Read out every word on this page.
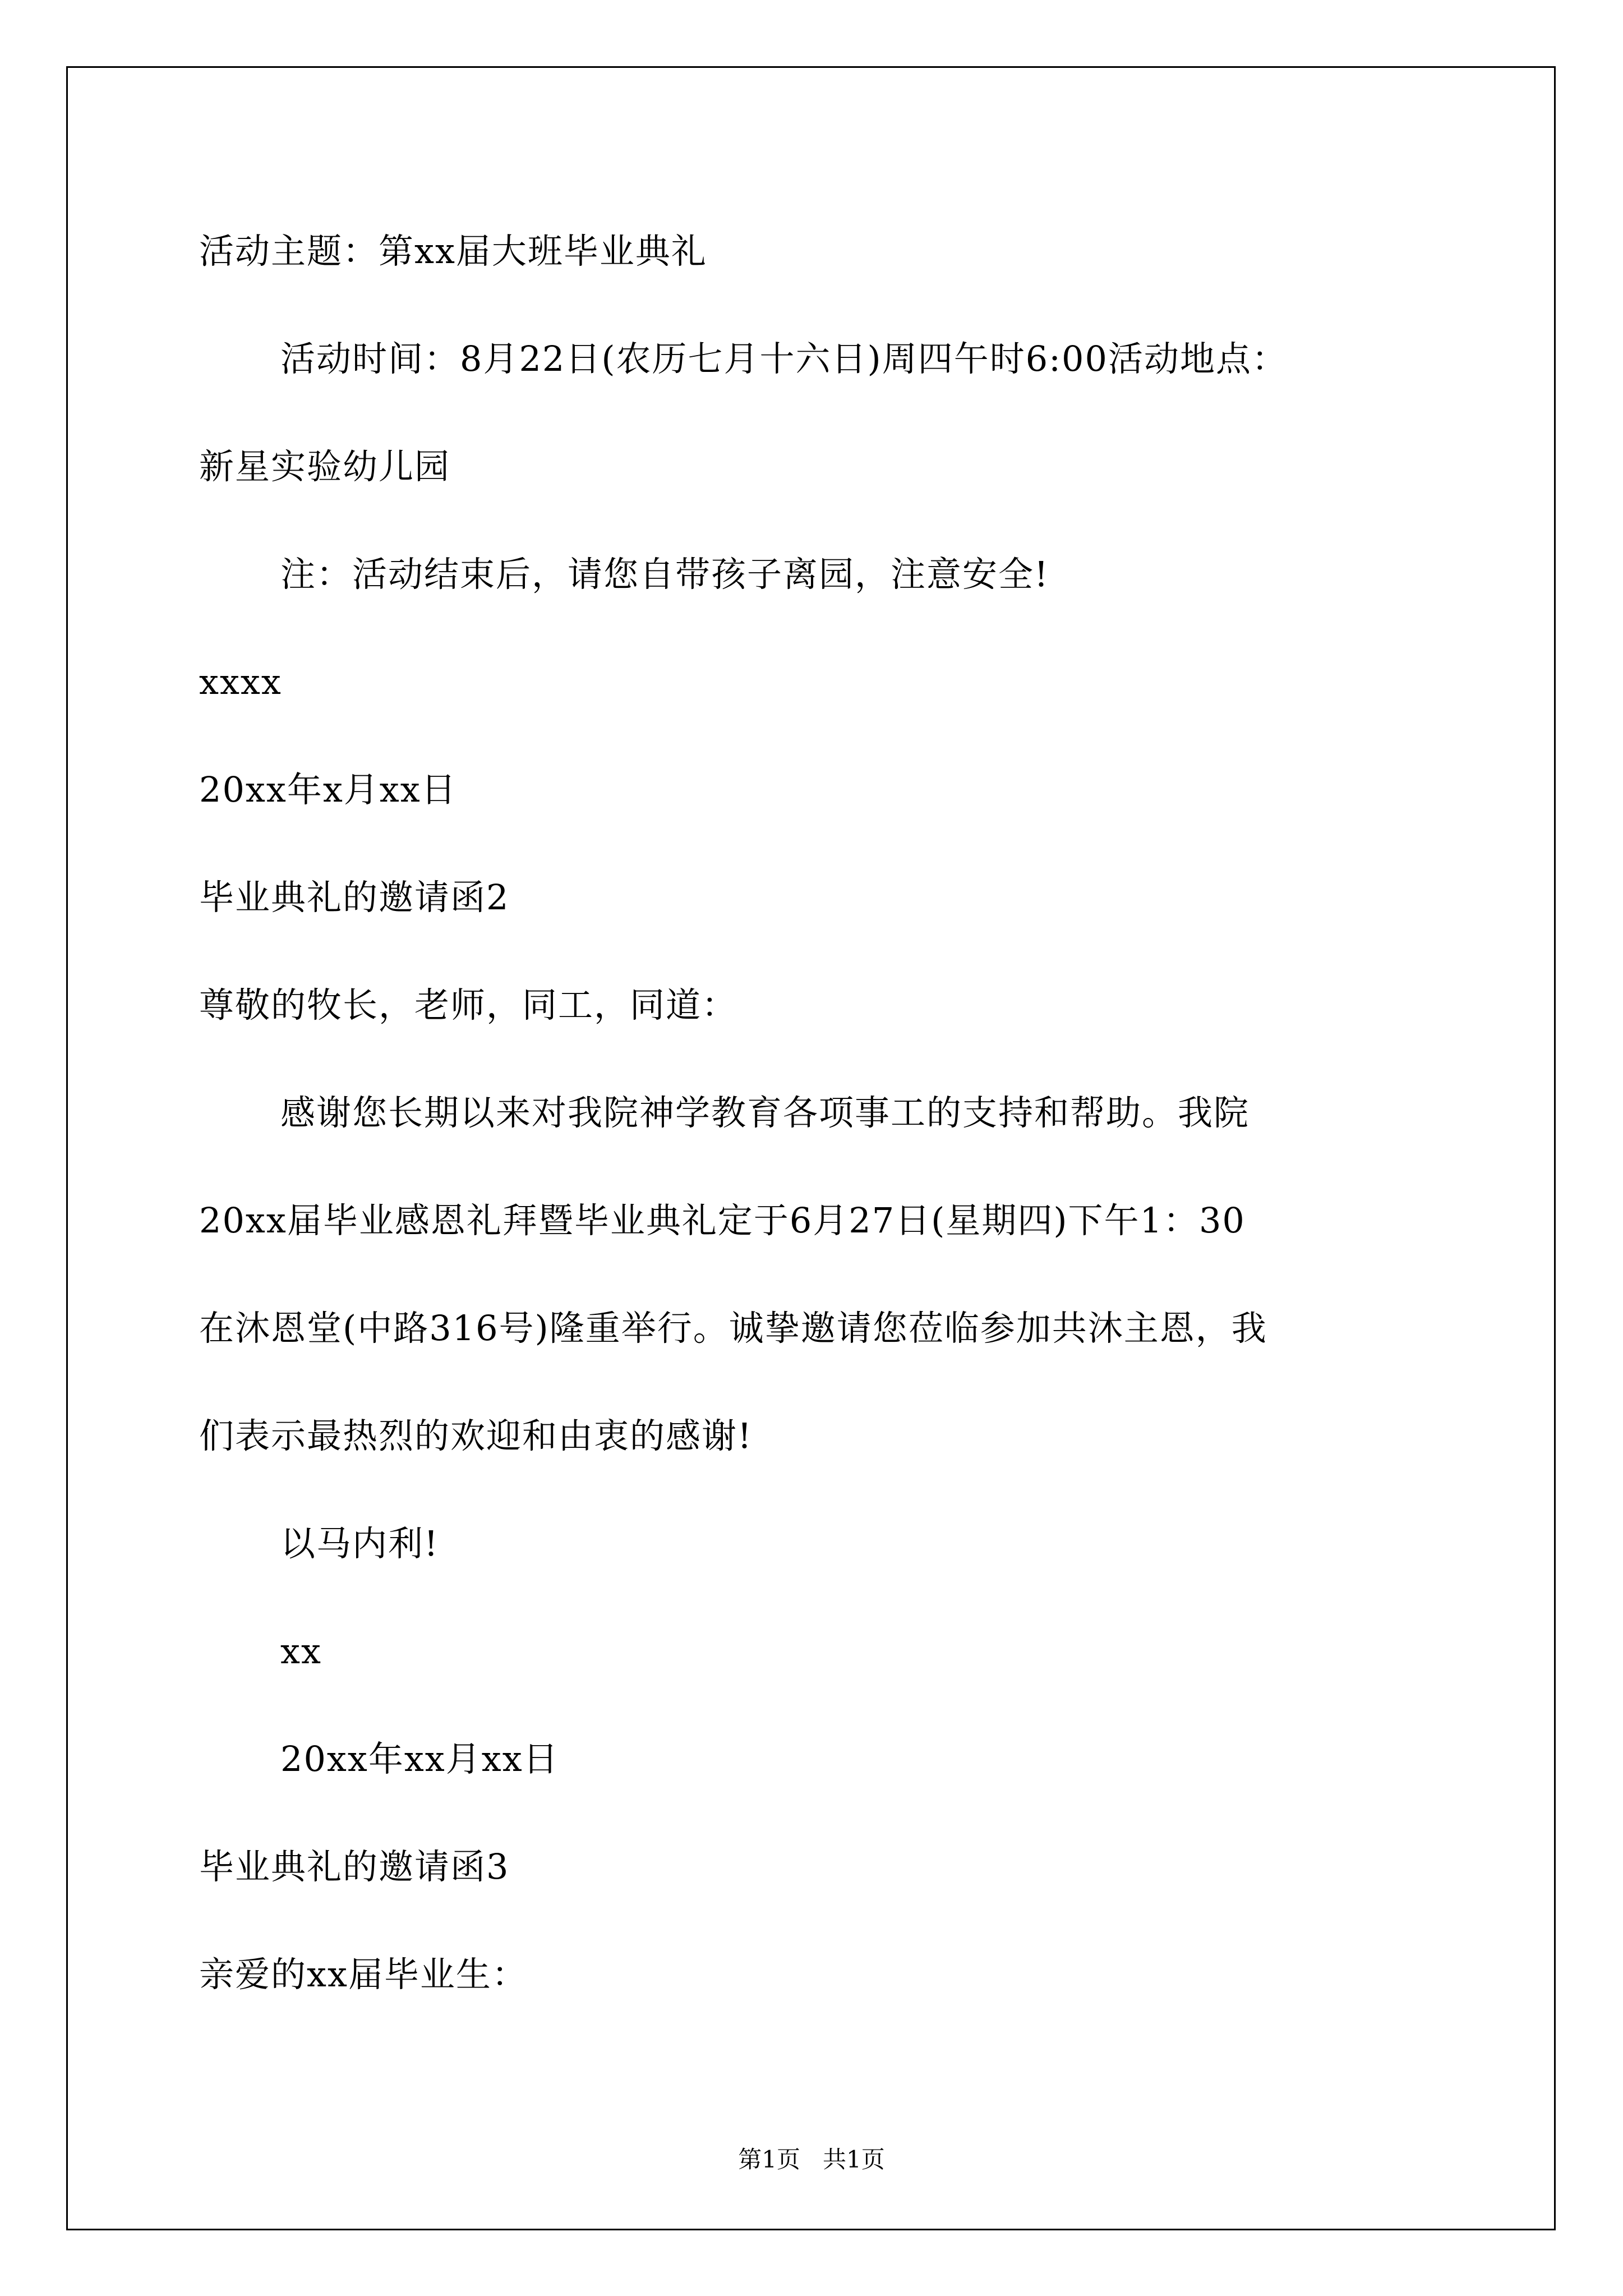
活动主题：第xx届大班毕业典礼
活动时间：8月22日(农历七月十六日)周四午时6:00活动地点：
新星实验幼儿园
注：活动结束后，请您自带孩子离园，注意安全!
xxxx
20xx年x月xx日
毕业典礼的邀请函2
尊敬的牧长，老师，同工，同道：
感谢您长期以来对我院神学教育各项事工的支持和帮助。我院
20xx届毕业感恩礼拜暨毕业典礼定于6月27日(星期四)下午1：30
在沐恩堂(中路316号)隆重举行。诚挚邀请您莅临参加共沐主恩，我
们表示最热烈的欢迎和由衷的感谢!
以马内利!
xx
20xx年xx月xx日
毕业典礼的邀请函3
亲爱的xx届毕业生：
第1页   共1页
